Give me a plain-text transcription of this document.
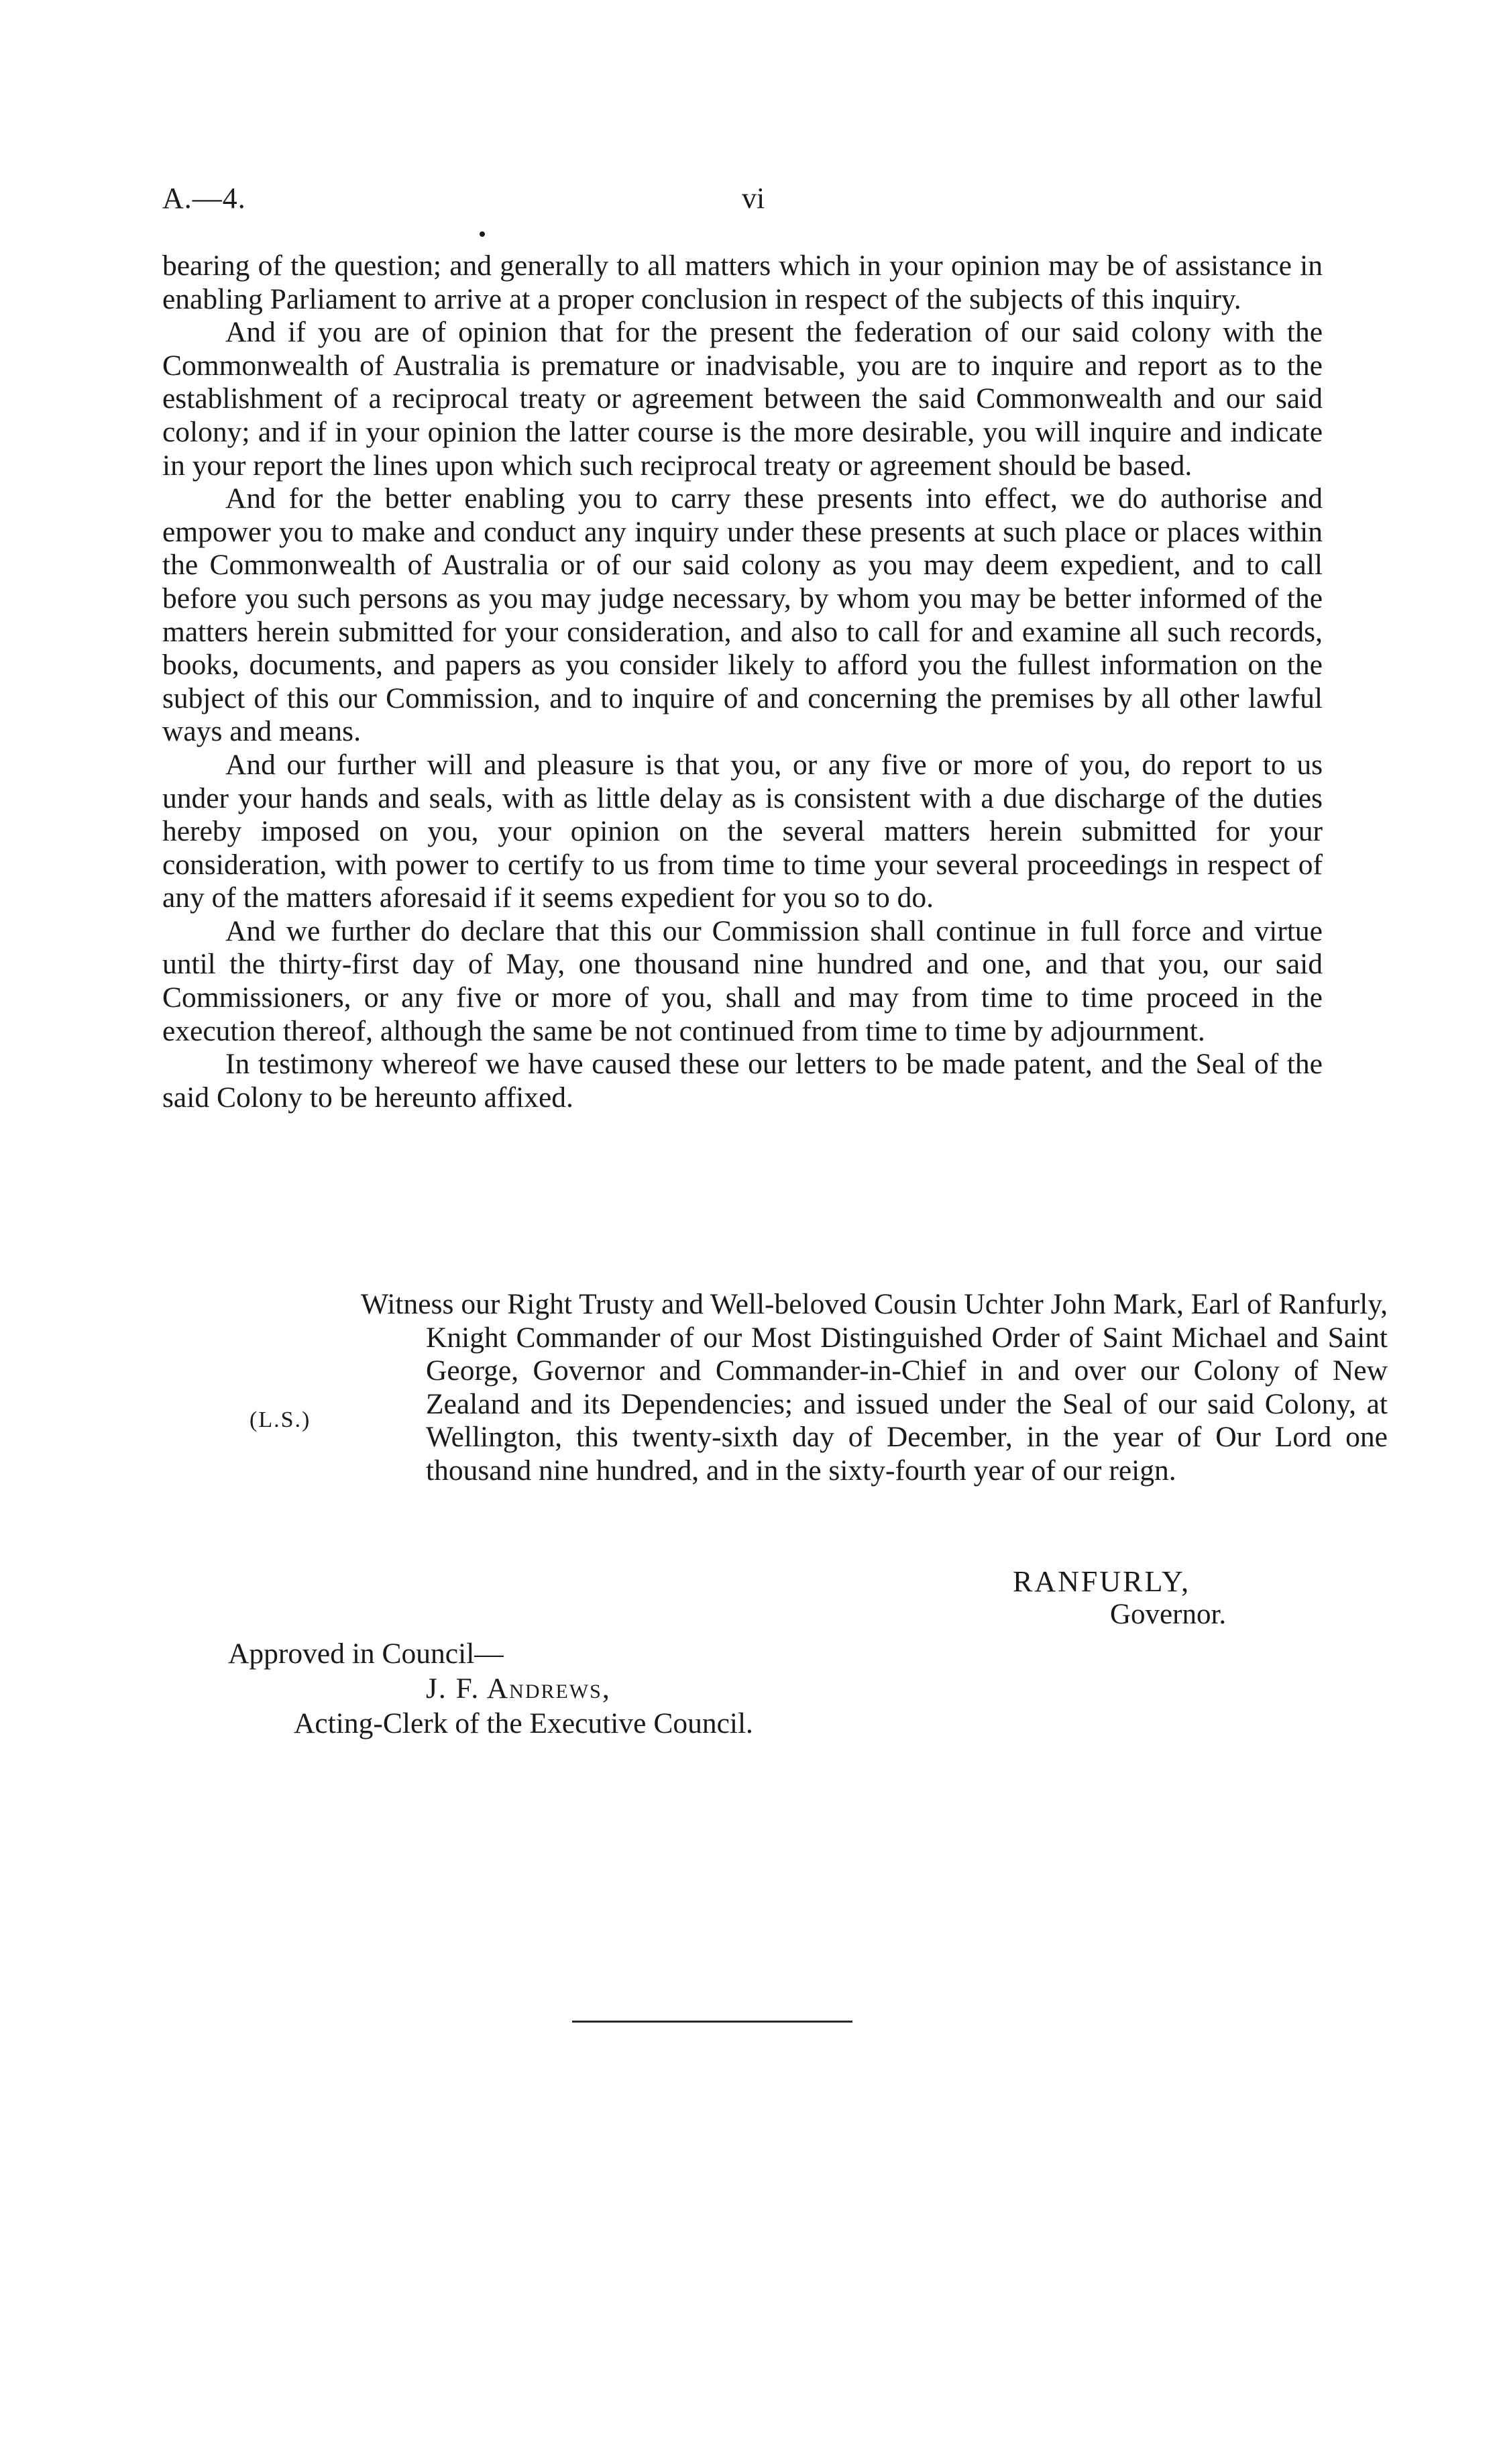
A.—4.	vi

bearing of the question; and generally to all matters which in your opinion may be of assistance in enabling Parliament to arrive at a proper conclusion in respect of the subjects of this inquiry.

And if you are of opinion that for the present the federation of our said colony with the Commonwealth of Australia is premature or inadvisable, you are to inquire and report as to the establishment of a reciprocal treaty or agreement between the said Commonwealth and our said colony; and if in your opinion the latter course is the more desirable, you will inquire and indicate in your report the lines upon which such reciprocal treaty or agreement should be based.

And for the better enabling you to carry these presents into effect, we do authorise and empower you to make and conduct any inquiry under these presents at such place or places within the Commonwealth of Australia or of our said colony as you may deem expedient, and to call before you such persons as you may judge necessary, by whom you may be better informed of the matters herein submitted for your consideration, and also to call for and examine all such records, books, documents, and papers as you consider likely to afford you the fullest information on the subject of this our Commission, and to inquire of and concerning the premises by all other lawful ways and means.

And our further will and pleasure is that you, or any five or more of you, do report to us under your hands and seals, with as little delay as is consistent with a due discharge of the duties hereby imposed on you, your opinion on the several matters herein submitted for your consideration, with power to certify to us from time to time your several proceedings in respect of any of the matters aforesaid if it seems expedient for you so to do.

And we further do declare that this our Commission shall continue in full force and virtue until the thirty-first day of May, one thousand nine hundred and one, and that you, our said Commissioners, or any five or more of you, shall and may from time to time proceed in the execution thereof, although the same be not continued from time to time by adjournment.

In testimony whereof we have caused these our letters to be made patent, and the Seal of the said Colony to be hereunto affixed.

(L.S.)
Witness our Right Trusty and Well-beloved Cousin Uchter John Mark, Earl of Ranfurly, Knight Commander of our Most Distinguished Order of Saint Michael and Saint George, Governor and Commander-in-Chief in and over our Colony of New Zealand and its Dependencies; and issued under the Seal of our said Colony, at Wellington, this twenty-sixth day of December, in the year of Our Lord one thousand nine hundred, and in the sixty-fourth year of our reign.
RANFURLY,
Governor.
Approved in Council—
J. F. Andrews,
Acting-Clerk of the Executive Council.
